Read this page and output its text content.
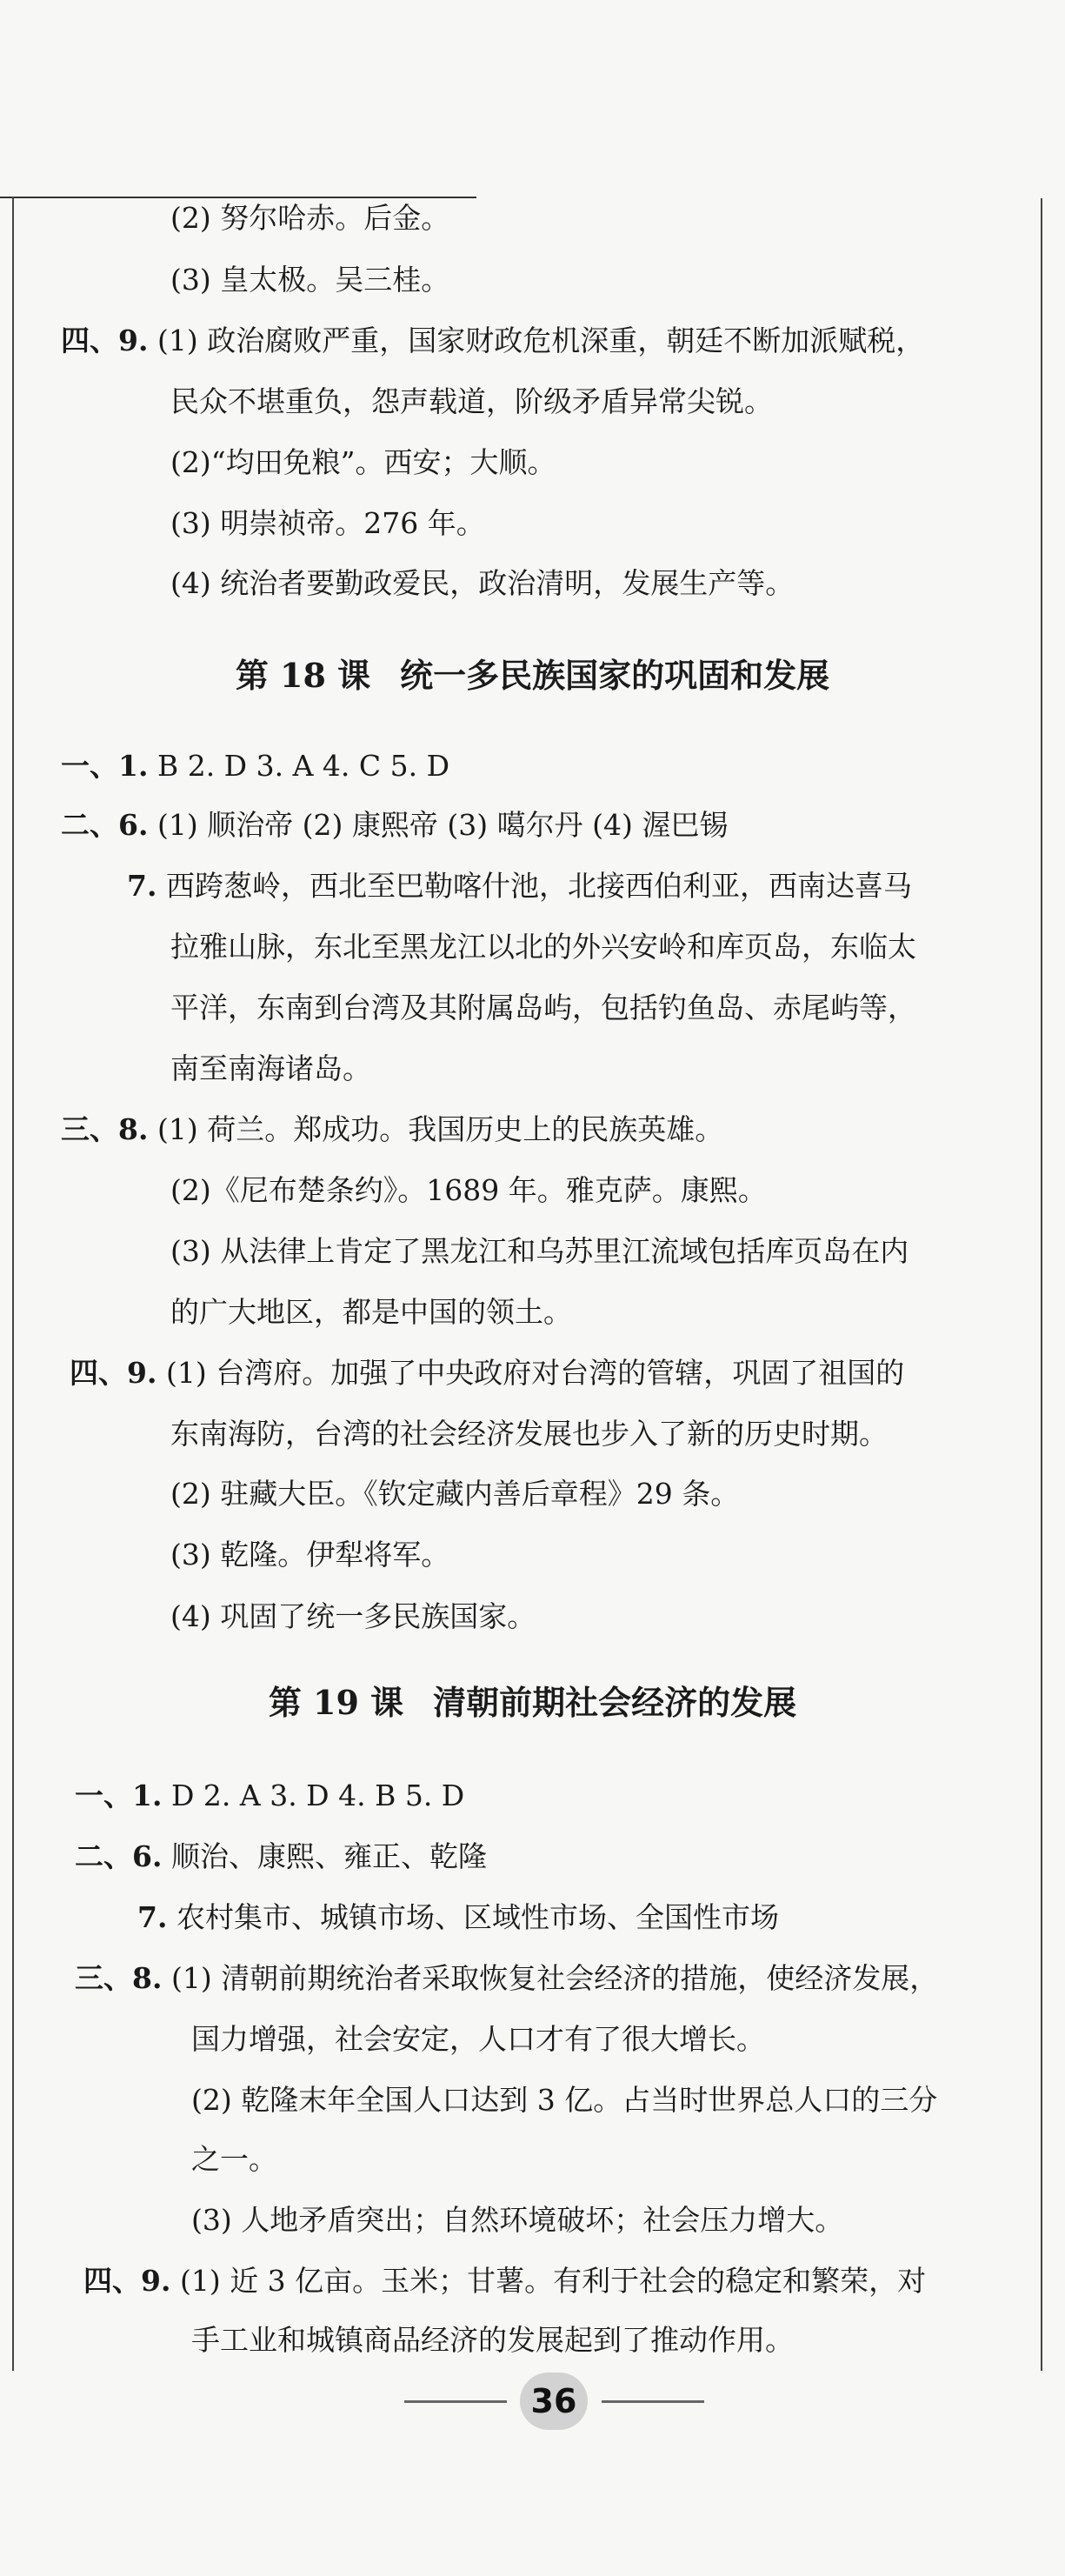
(2) 努尔哈赤。后金。
(3) 皇太极。吴三桂。
四、9. (1) 政治腐败严重，国家财政危机深重，朝廷不断加派赋税，
民众不堪重负，怨声载道，阶级矛盾异常尖锐。
(2)“均田免粮”。西安；大顺。
(3) 明崇祯帝。276 年。
(4) 统治者要勤政爱民，政治清明，发展生产等。
第 18 课 统一多民族国家的巩固和发展
一、1. B 2. D 3. A 4. C 5. D
二、6. (1) 顺治帝 (2) 康熙帝 (3) 噶尔丹 (4) 渥巴锡
7. 西跨葱岭，西北至巴勒喀什池，北接西伯利亚，西南达喜马
拉雅山脉，东北至黑龙江以北的外兴安岭和库页岛，东临太
平洋，东南到台湾及其附属岛屿，包括钓鱼岛、赤尾屿等，
南至南海诸岛。
三、8. (1) 荷兰。郑成功。我国历史上的民族英雄。
(2)《尼布楚条约》。1689 年。雅克萨。康熙。
(3) 从法律上肯定了黑龙江和乌苏里江流域包括库页岛在内
的广大地区，都是中国的领土。
四、9. (1) 台湾府。加强了中央政府对台湾的管辖，巩固了祖国的
东南海防，台湾的社会经济发展也步入了新的历史时期。
(2) 驻藏大臣。《钦定藏内善后章程》29 条。
(3) 乾隆。伊犁将军。
(4) 巩固了统一多民族国家。
第 19 课 清朝前期社会经济的发展
一、1. D 2. A 3. D 4. B 5. D
二、6. 顺治、康熙、雍正、乾隆
7. 农村集市、城镇市场、区域性市场、全国性市场
三、8. (1) 清朝前期统治者采取恢复社会经济的措施，使经济发展，
国力增强，社会安定，人口才有了很大增长。
(2) 乾隆末年全国人口达到 3 亿。占当时世界总人口的三分
之一。
(3) 人地矛盾突出；自然环境破坏；社会压力增大。
四、9. (1) 近 3 亿亩。玉米；甘薯。有利于社会的稳定和繁荣，对
手工业和城镇商品经济的发展起到了推动作用。
36
